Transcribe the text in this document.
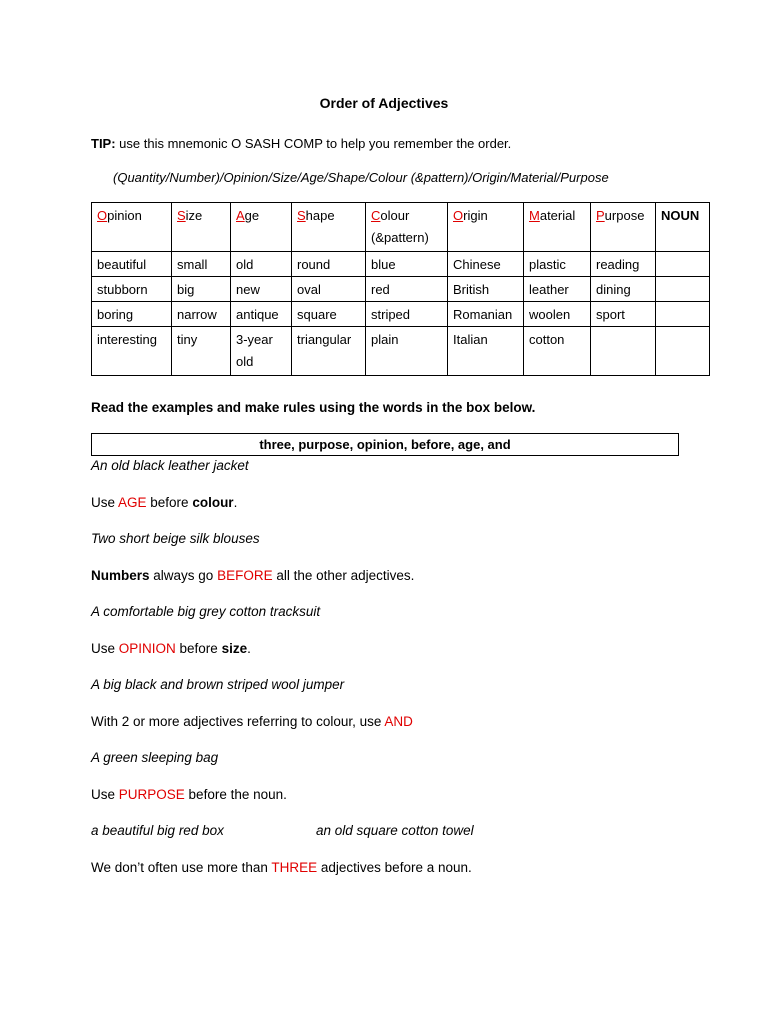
Order of Adjectives
TIP: use this mnemonic O SASH COMP to help you remember the order.
(Quantity/Number)/Opinion/Size/Age/Shape/Colour (&pattern)/Origin/Material/Purpose
Opinion	Size	Age	Shape	Colour (&pattern)	Origin	Material	Purpose	NOUN
beautiful	small	old	round	blue	Chinese	plastic	reading	
stubborn	big	new	oval	red	British	leather	dining	
boring	narrow	antique	square	striped	Romanian	woolen	sport	
interesting	tiny	3-year old	triangular	plain	Italian	cotton		
Read the examples and make rules using the words in the box below.
three, purpose, opinion, before, age, and
An old black leather jacket
Use AGE before colour.
Two short beige silk blouses
Numbers always go BEFORE all the other adjectives.
A comfortable big grey cotton tracksuit
Use OPINION before size.
A big black and brown striped wool jumper
With 2 or more adjectives referring to colour, use AND
A green sleeping bag
Use PURPOSE before the noun.
a beautiful big red box	an old square cotton towel
We don’t often use more than THREE adjectives before a noun.
